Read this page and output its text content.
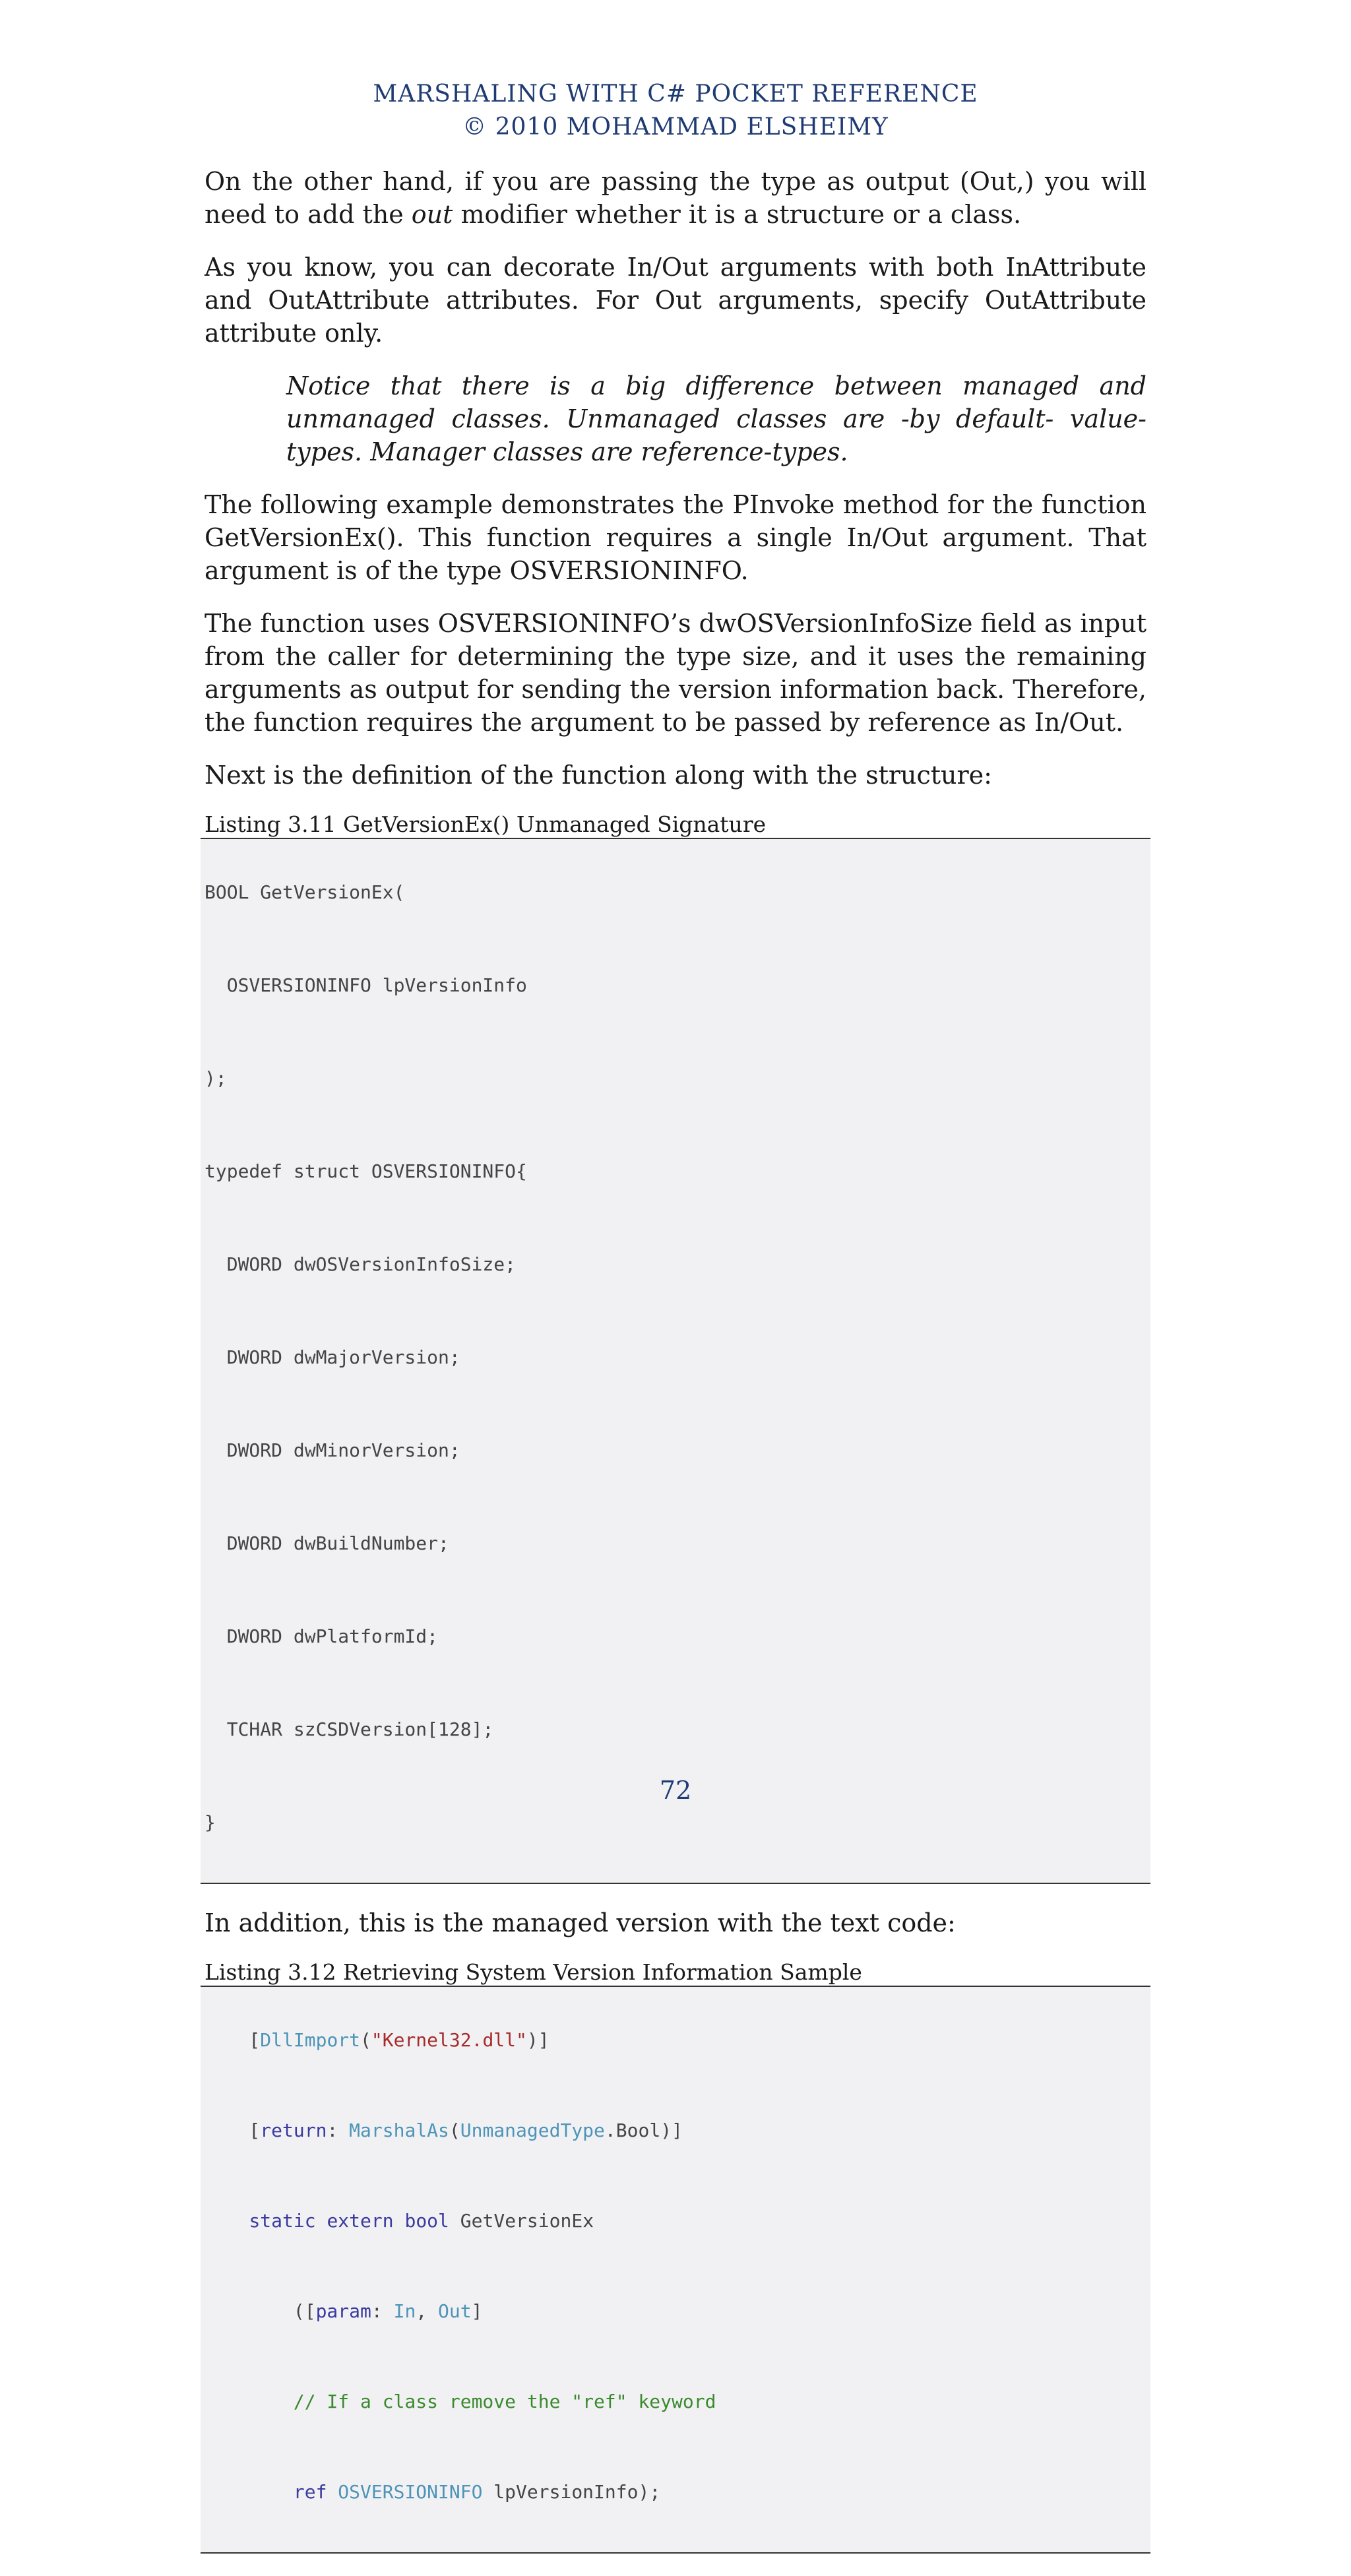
MARSHALING WITH C# POCKET REFERENCE
© 2010 MOHAMMAD ELSHEIMY

On the other hand, if you are passing the type as output (Out,) you will need to add the out modifier whether it is a structure or a class.

As you know, you can decorate In/Out arguments with both InAttribute and OutAttribute attributes. For Out arguments, specify OutAttribute attribute only.

Notice that there is a big difference between managed and unmanaged classes. Unmanaged classes are -by default- value-types. Manager classes are reference-types.

The following example demonstrates the PInvoke method for the function GetVersionEx(). This function requires a single In/Out argument. That argument is of the type OSVERSIONINFO.

The function uses OSVERSIONINFO’s dwOSVersionInfoSize field as input from the caller for determining the type size, and it uses the remaining arguments as output for sending the version information back. Therefore, the function requires the argument to be passed by reference as In/Out.

Next is the definition of the function along with the structure:

Listing 3.11 GetVersionEx() Unmanaged Signature

BOOL GetVersionEx(

OSVERSIONINFO lpVersionInfo

);

typedef struct OSVERSIONINFO{

DWORD dwOSVersionInfoSize;

DWORD dwMajorVersion;

DWORD dwMinorVersion;

DWORD dwBuildNumber;

DWORD dwPlatformId;

TCHAR szCSDVersion[128];

}

In addition, this is the managed version with the text code:

Listing 3.12 Retrieving System Version Information Sample

[DllImport("Kernel32.dll")]

[return: MarshalAs(UnmanagedType.Bool)]

static extern bool GetVersionEx

([param: In, Out]

// If a class remove the "ref" keyword

ref OSVERSIONINFO lpVersionInfo);

72
